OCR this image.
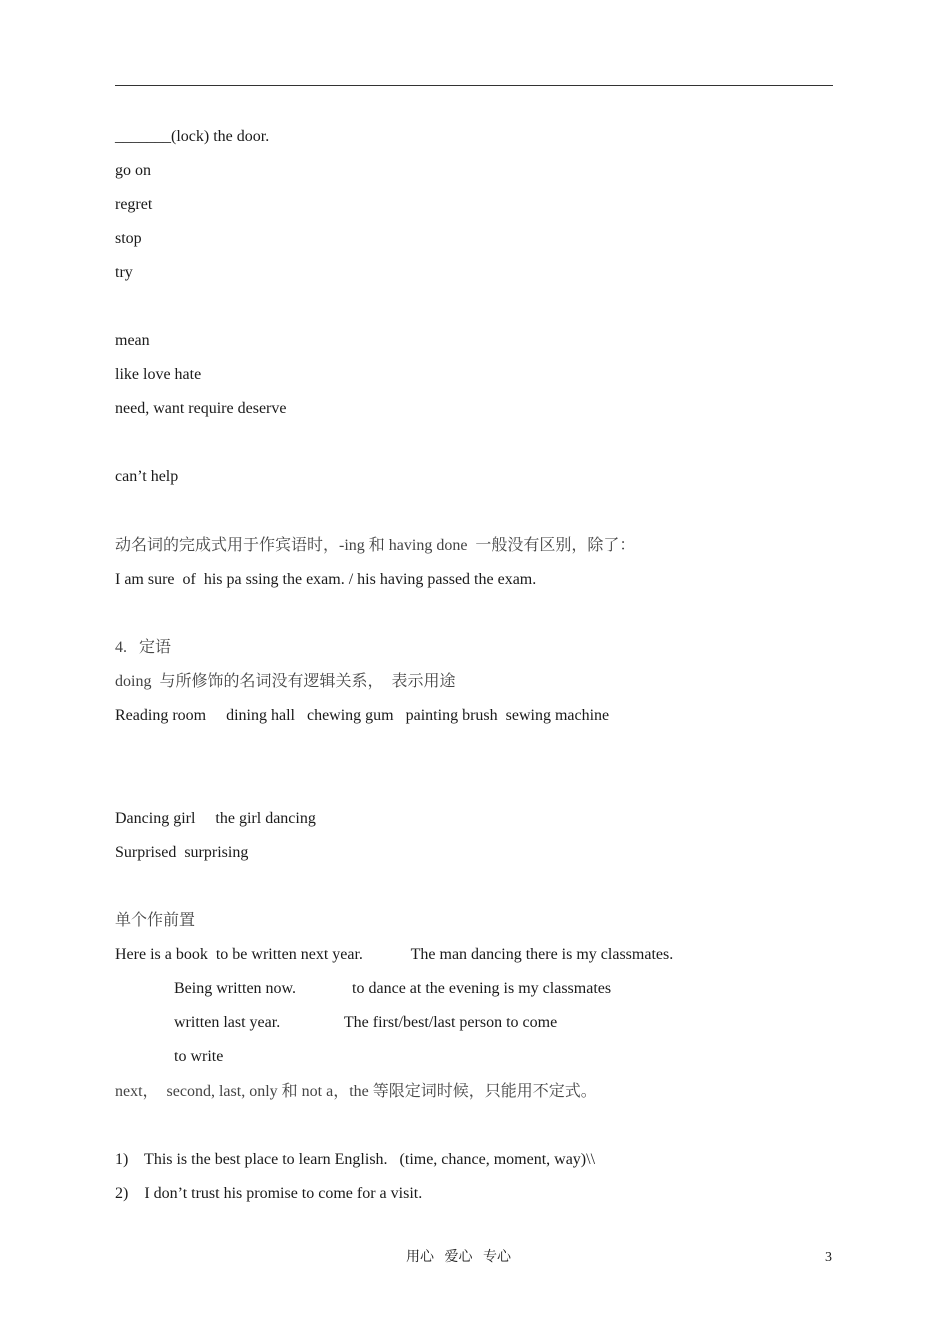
_______(lock) the door.
go on
regret
stop
try
mean
like love hate
need, want require deserve
can’t help
动名词的完成式用于作宾语时，-ing 和 having done  一般没有区别，除了：
I am sure  of  his pa ssing the exam. / his having passed the exam.
4.   定语
doing  与所修饰的名词没有逻辑关系，  表示用途
Reading room     dining hall   chewing gum   painting brush  sewing machine
Dancing girl     the girl dancing
Surprised  surprising
单个作前置
Here is a book  to be written next year.            The man dancing there is my classmates.
Being written now.              to dance at the evening is my classmates
written last year.                The first/best/last person to come
to write
next，  second, last, only 和 not a，the 等限定词时候，只能用不定式。
1)    This is the best place to learn English.   (time, chance, moment, way)\\
2)    I don’t trust his promise to come for a visit.
用心   爱心   专心	3
